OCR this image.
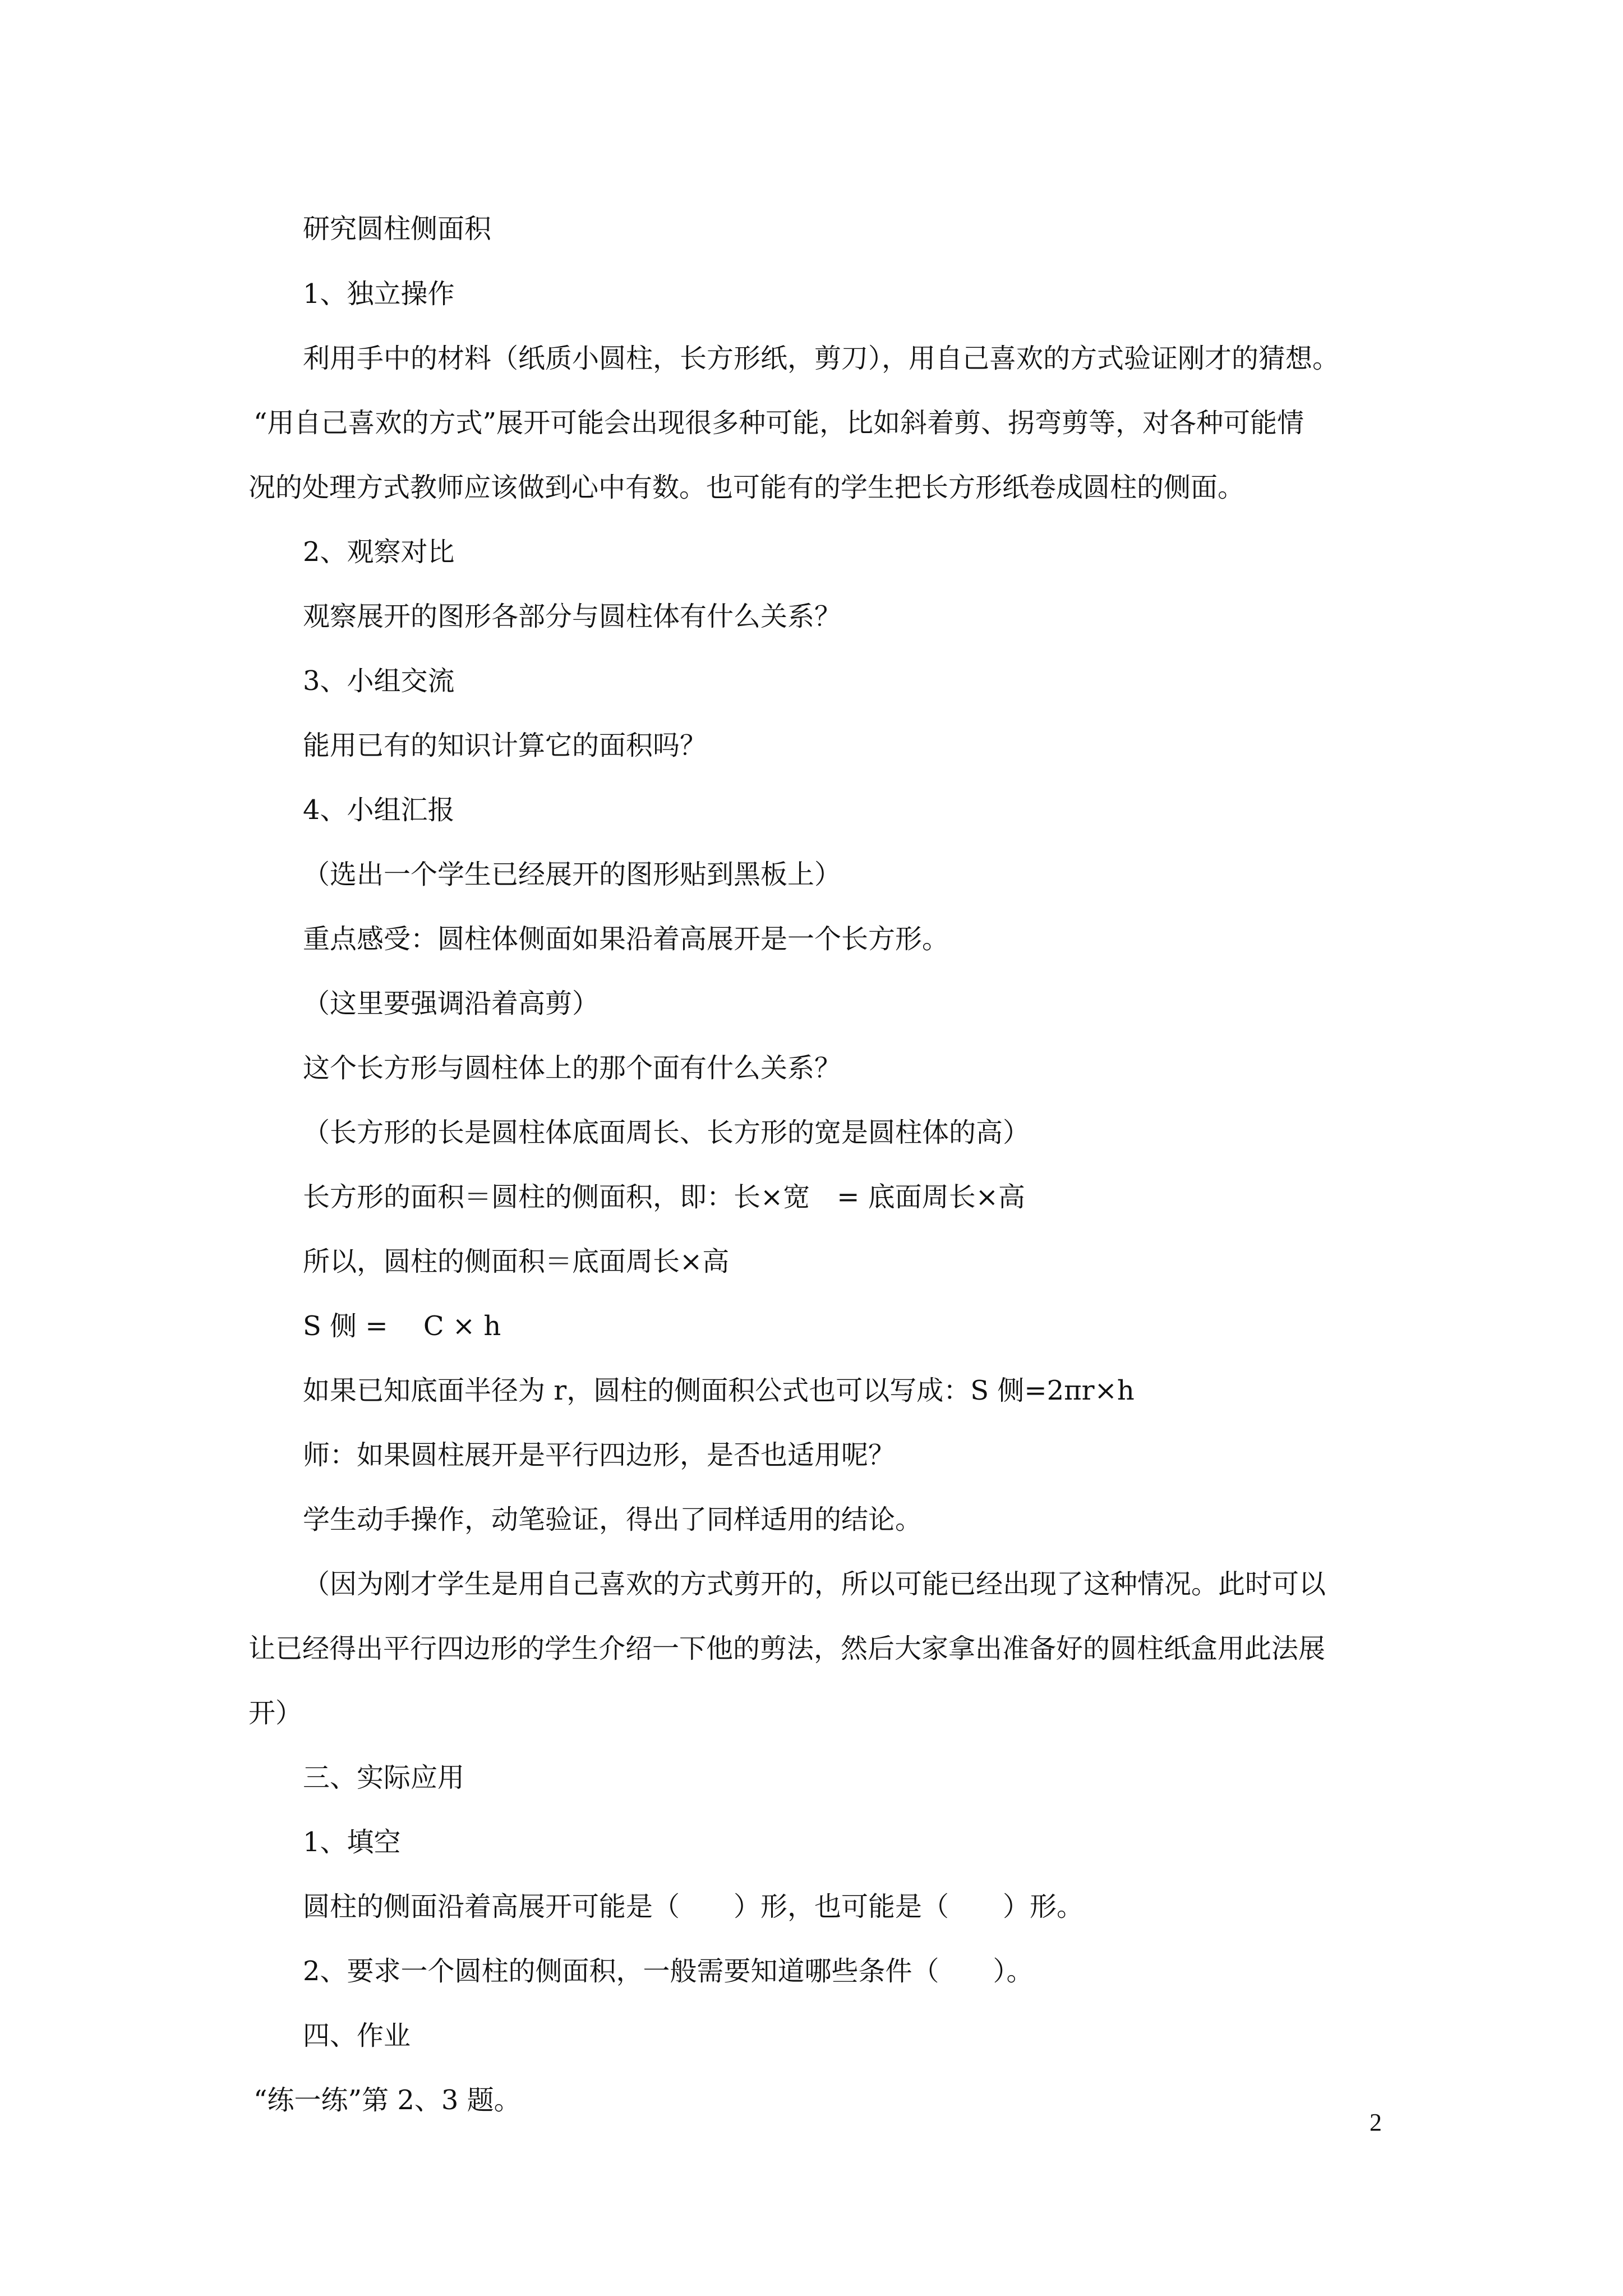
研究圆柱侧面积
1、独立操作
利用手中的材料（纸质小圆柱，长方形纸，剪刀），用自己喜欢的方式验证刚才的猜想。
“用自己喜欢的方式”展开可能会出现很多种可能，比如斜着剪、拐弯剪等，对各种可能情
况的处理方式教师应该做到心中有数。也可能有的学生把长方形纸卷成圆柱的侧面。
2、观察对比
观察展开的图形各部分与圆柱体有什么关系？
3、小组交流
能用已有的知识计算它的面积吗？
4、小组汇报
（选出一个学生已经展开的图形贴到黑板上）
重点感受：圆柱体侧面如果沿着高展开是一个长方形。
（这里要强调沿着高剪）
这个长方形与圆柱体上的那个面有什么关系？
（长方形的长是圆柱体底面周长、长方形的宽是圆柱体的高）
长方形的面积＝圆柱的侧面积，即：长×宽　= 底面周长×高
所以，圆柱的侧面积＝底面周长×高
S 侧 =　 C × h
如果已知底面半径为 r，圆柱的侧面积公式也可以写成：S 侧=2πr×h
师：如果圆柱展开是平行四边形，是否也适用呢？
学生动手操作，动笔验证，得出了同样适用的结论。
（因为刚才学生是用自己喜欢的方式剪开的，所以可能已经出现了这种情况。此时可以
让已经得出平行四边形的学生介绍一下他的剪法，然后大家拿出准备好的圆柱纸盒用此法展
开）
三、实际应用
1、填空
圆柱的侧面沿着高展开可能是（　　）形，也可能是（　　）形。
2、要求一个圆柱的侧面积，一般需要知道哪些条件（　　）。
四、作业
“练一练”第 2、3 题。
2
